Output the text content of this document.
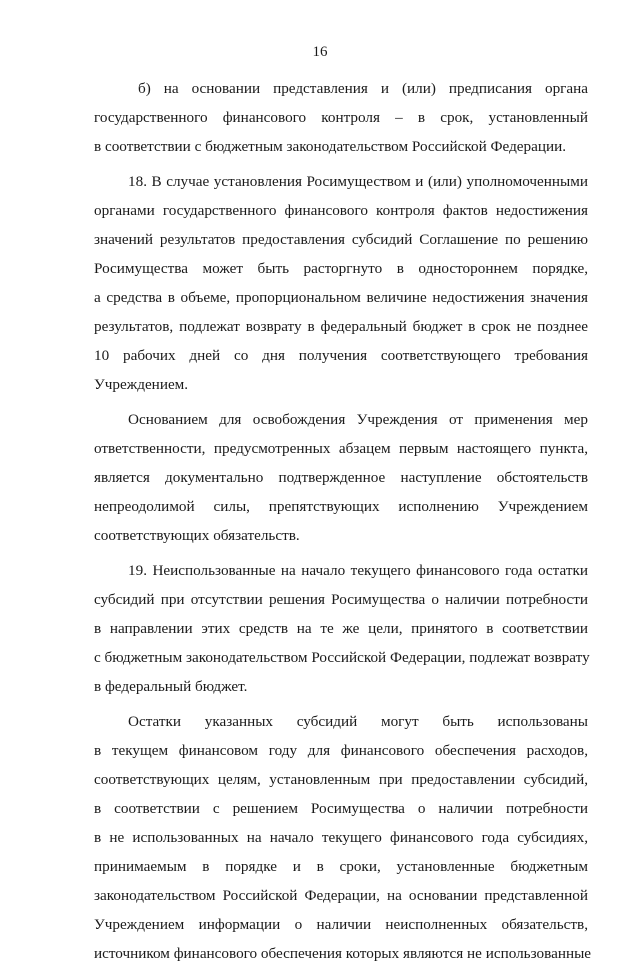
16
б) на основании представления и (или) предписания органа
государственного финансового контроля – в срок, установленный
в соответствии с бюджетным законодательством Российской Федерации.
18. В случае установления Росимуществом и (или) уполномоченными
органами государственного финансового контроля фактов недостижения
значений результатов предоставления субсидий Соглашение по решению
Росимущества может быть расторгнуто в одностороннем порядке,
а средства в объеме, пропорциональном величине недостижения значения
результатов, подлежат возврату в федеральный бюджет в срок не позднее
10 рабочих дней со дня получения соответствующего требования
Учреждением.
Основанием для освобождения Учреждения от применения мер
ответственности, предусмотренных абзацем первым настоящего пункта,
является документально подтвержденное наступление обстоятельств
непреодолимой силы, препятствующих исполнению Учреждением
соответствующих обязательств.
19. Неиспользованные на начало текущего финансового года остатки
субсидий при отсутствии решения Росимущества о наличии потребности
в направлении этих средств на те же цели, принятого в соответствии
с бюджетным законодательством Российской Федерации, подлежат возврату
в федеральный бюджет.
Остатки указанных субсидий могут быть использованы
в текущем финансовом году для финансового обеспечения расходов,
соответствующих целям, установленным при предоставлении субсидий,
в соответствии с решением Росимущества о наличии потребности
в не использованных на начало текущего финансового года субсидиях,
принимаемым в порядке и в сроки, установленные бюджетным
законодательством Российской Федерации, на основании представленной
Учреждением информации о наличии неисполненных обязательств,
источником финансового обеспечения которых являются не использованные
